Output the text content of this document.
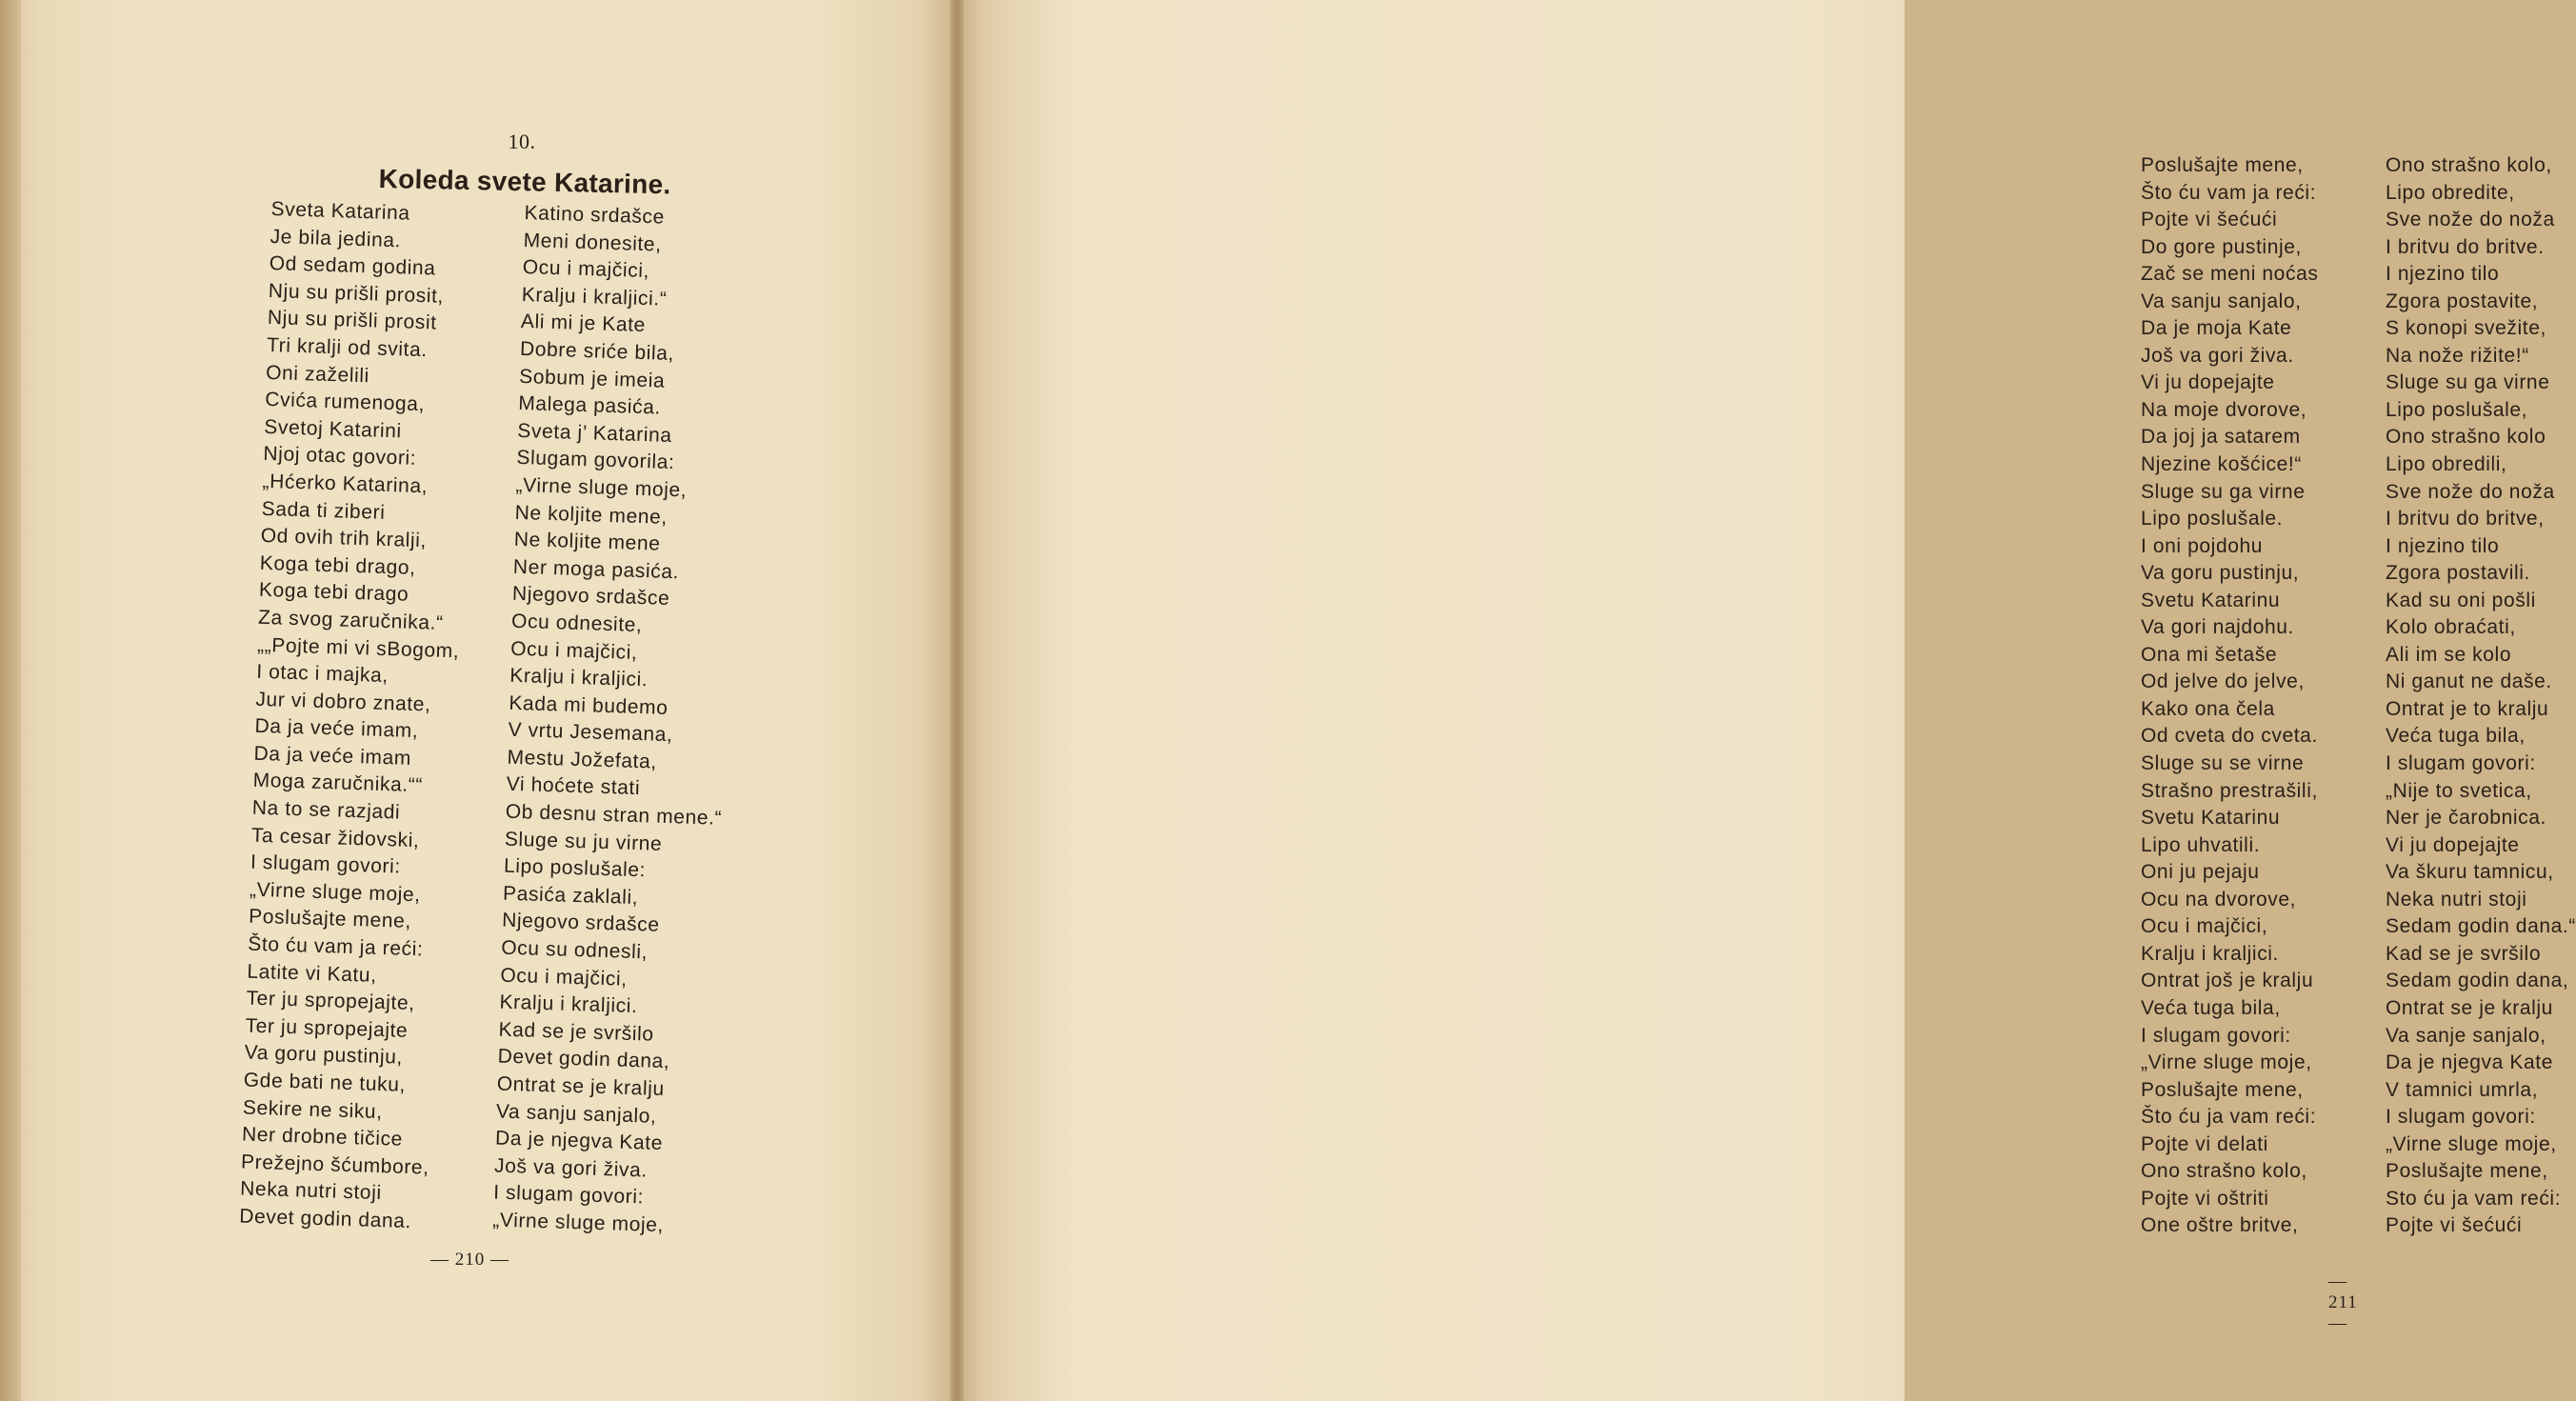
10.
Koleda svete Katarine.
Sveta Katarina
Je bila jedina.
Od sedam godina
Nju su prišli prosit,
Nju su prišli prosit
Tri kralji od svita.
Oni zaželili
Cvića rumenoga,
Svetoj Katarini
Njoj otac govori:
„Hćerko Katarina,
Sada ti ziberi
Od ovih trih kralji,
Koga tebi drago,
Koga tebi drago
Za svog zaručnika.“
„„Pojte mi vi sBogom,
I otac i majka,
Jur vi dobro znate,
Da ja veće imam,
Da ja veće imam
Moga zaručnika.““
Na to se razjadi
Ta cesar židovski,
I slugam govori:
„Virne sluge moje,
Poslušajte mene,
Što ću vam ja reći:
Latite vi Katu,
Ter ju spropejajte,
Ter ju spropejajte
Va goru pustinju,
Gde bati ne tuku,
Sekire ne siku,
Ner drobne tičice
Prežejno šćumbore,
Neka nutri stoji
Devet godin dana.
Katino srdašce
Meni donesite,
Ocu i majčici,
Kralju i kraljici.“
Ali mi je Kate
Dobre sriće bila,
Sobum je imeia
Malega pasića.
Sveta j’ Katarina
Slugam govorila:
„Virne sluge moje,
Ne koljite mene,
Ne koljite mene
Ner moga pasića.
Njegovo srdašce
Ocu odnesite,
Ocu i majčici,
Kralju i kraljici.
Kada mi budemo
V vrtu Jesemana,
Mestu Jožefata,
Vi hoćete stati
Ob desnu stran mene.“
Sluge su ju virne
Lipo poslušale:
Pasića zaklali,
Njegovo srdašce
Ocu su odnesli,
Ocu i majčici,
Kralju i kraljici.
Kad se je svršilo
Devet godin dana,
Ontrat se je kralju
Va sanju sanjalo,
Da je njegva Kate
Još va gori živa.
I slugam govori:
„Virne sluge moje,
— 210 —
Poslušajte mene,
Što ću vam ja reći:
Pojte vi šećući
Do gore pustinje,
Zač se meni noćas
Va sanju sanjalo,
Da je moja Kate
Još va gori živa.
Vi ju dopejajte
Na moje dvorove,
Da joj ja satarem
Njezine košćice!“
Sluge su ga virne
Lipo poslušale.
I oni pojdohu
Va goru pustinju,
Svetu Katarinu
Va gori najdohu.
Ona mi šetaše
Od jelve do jelve,
Kako ona čela
Od cveta do cveta.
Sluge su se virne
Strašno prestrašili,
Svetu Katarinu
Lipo uhvatili.
Oni ju pejaju
Ocu na dvorove,
Ocu i majčici,
Kralju i kraljici.
Ontrat još je kralju
Veća tuga bila,
I slugam govori:
„Virne sluge moje,
Poslušajte mene,
Što ću ja vam reći:
Pojte vi delati
Ono strašno kolo,
Pojte vi oštriti
One oštre britve,
Ono strašno kolo,
Lipo obredite,
Sve nože do noža
I britvu do britve.
I njezino tilo
Zgora postavite,
S konopi svežite,
Na nože rižite!“
Sluge su ga virne
Lipo poslušale,
Ono strašno kolo
Lipo obredili,
Sve nože do noža
I britvu do britve,
I njezino tilo
Zgora postavili.
Kad su oni pošli
Kolo obraćati,
Ali im se kolo
Ni ganut ne daše.
Ontrat je to kralju
Veća tuga bila,
I slugam govori:
„Nije to svetica,
Ner je čarobnica.
Vi ju dopejajte
Va škuru tamnicu,
Neka nutri stoji
Sedam godin dana.“
Kad se je svršilo
Sedam godin dana,
Ontrat se je kralju
Va sanje sanjalo,
Da je njegva Kate
V tamnici umrla,
I slugam govori:
„Virne sluge moje,
Poslušajte mene,
Sto ću ja vam reći:
Pojte vi šećući
— 211 —
